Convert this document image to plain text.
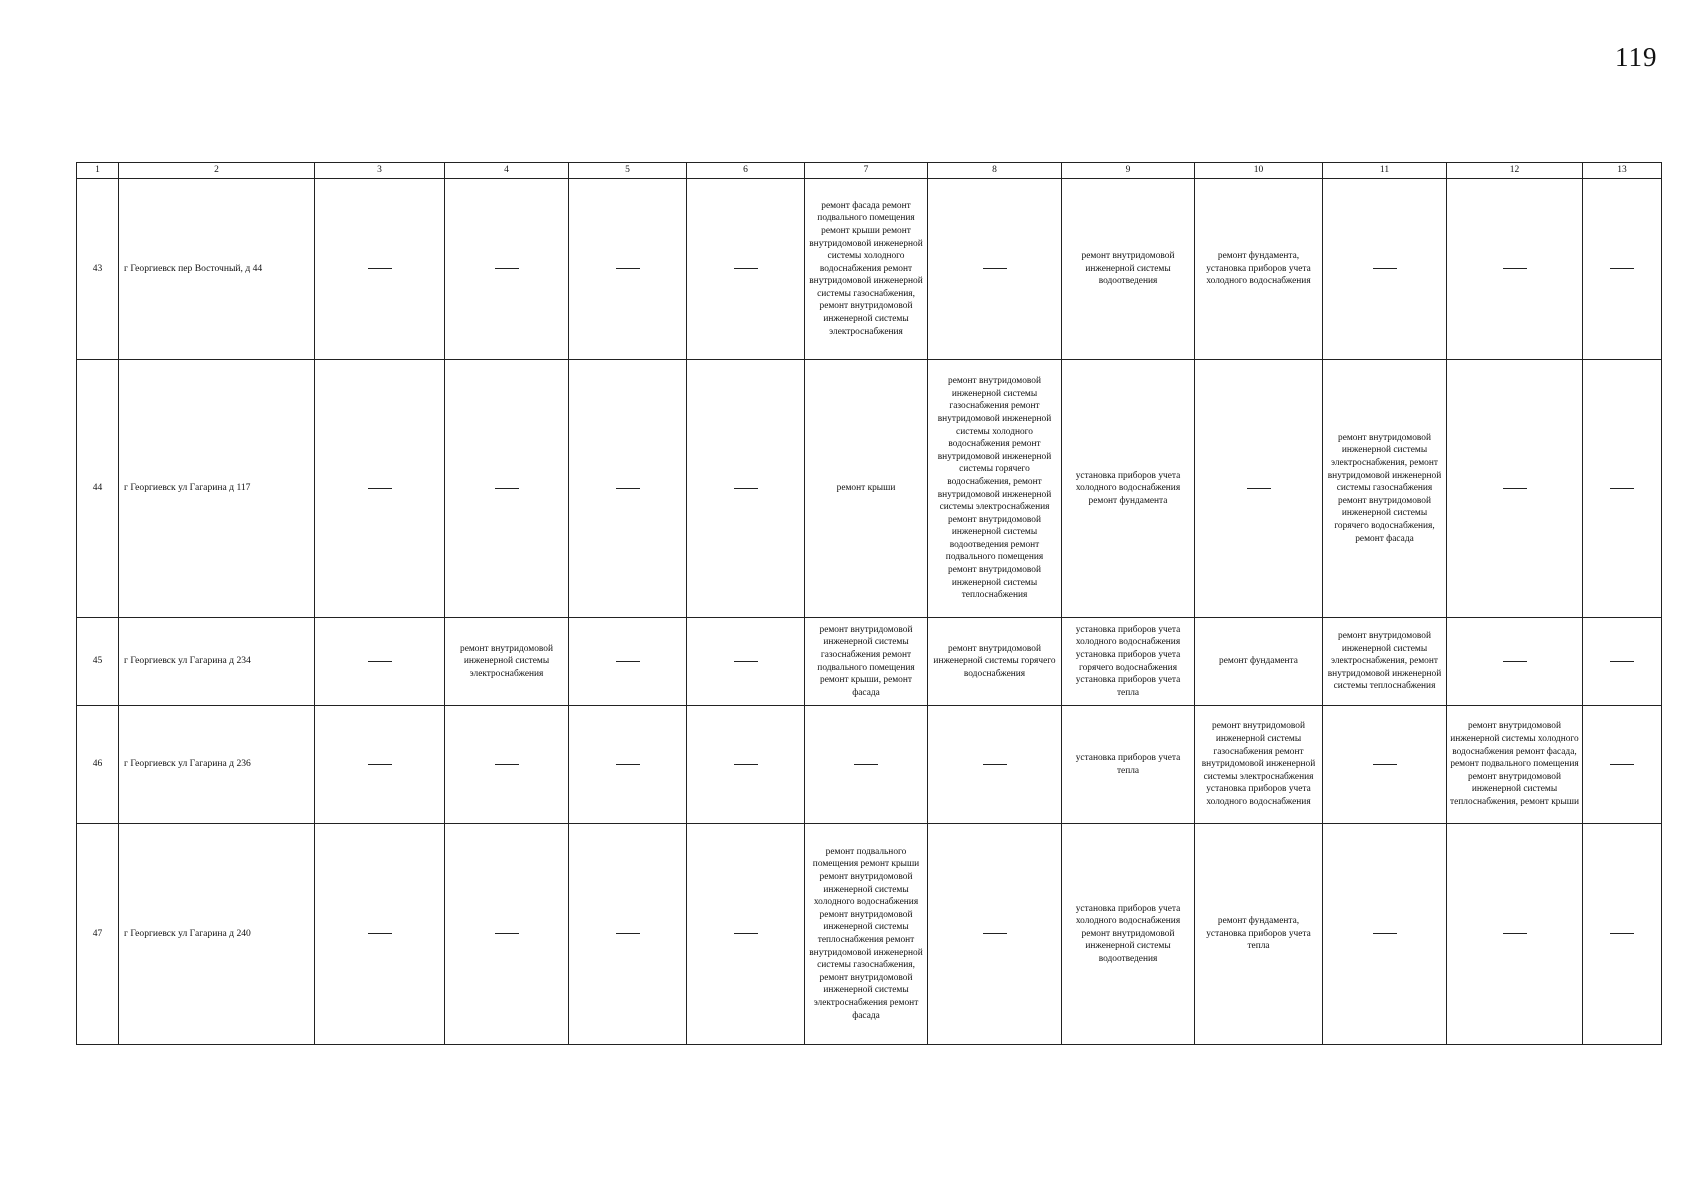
119
1	2	3	4	5	6	7	8	9	10	11	12	13
43	г Георгиевск пер Восточный, д 44					ремонт фасада ремонт подвального помещения ремонт крыши ремонт внутридомовой инженерной системы холодного водоснабжения ремонт внутридомовой инженерной системы газоснабжения, ремонт внутридомовой инженерной системы электроснабжения		ремонт внутридомовой инженерной системы водоотведения	ремонт фундамента, установка приборов учета холодного водоснабжения			
44	г Георгиевск ул Гагарина д 117					ремонт крыши	ремонт внутридомовой инженерной системы газоснабжения ремонт внутридомовой инженерной системы холодного водоснабжения ремонт внутридомовой инженерной системы горячего водоснабжения, ремонт внутридомовой инженерной системы электроснабжения ремонт внутридомовой инженерной системы водоотведения ремонт подвального помещения ремонт внутридомовой инженерной системы теплоснабжения	установка приборов учета холодного водоснабжения ремонт фундамента		ремонт внутридомовой инженерной системы электроснабжения, ремонт внутридомовой инженерной системы газоснабжения ремонт внутридомовой инженерной системы горячего водоснабжения, ремонт фасада		
45	г Георгиевск ул Гагарина д 234		ремонт внутридомовой инженерной системы электроснабжения			ремонт внутридомовой инженерной системы газоснабжения ремонт подвального помещения ремонт крыши, ремонт фасада	ремонт внутридомовой инженерной системы горячего водоснабжения	установка приборов учета холодного водоснабжения установка приборов учета горячего водоснабжения установка приборов учета тепла	ремонт фундамента	ремонт внутридомовой инженерной системы электроснабжения, ремонт внутридомовой инженерной системы теплоснабжения		
46	г Георгиевск ул Гагарина д 236							установка приборов учета тепла	ремонт внутридомовой инженерной системы газоснабжения ремонт внутридомовой инженерной системы электроснабжения установка приборов учета холодного водоснабжения		ремонт внутридомовой инженерной системы холодного водоснабжения ремонт фасада, ремонт подвального помещения ремонт внутридомовой инженерной системы теплоснабжения, ремонт крыши	
47	г Георгиевск ул Гагарина д 240					ремонт подвального помещения ремонт крыши ремонт внутридомовой инженерной системы холодного водоснабжения ремонт внутридомовой инженерной системы теплоснабжения ремонт внутридомовой инженерной системы газоснабжения, ремонт внутридомовой инженерной системы электроснабжения ремонт фасада		установка приборов учета холодного водоснабжения ремонт внутридомовой инженерной системы водоотведения	ремонт фундамента, установка приборов учета тепла			
